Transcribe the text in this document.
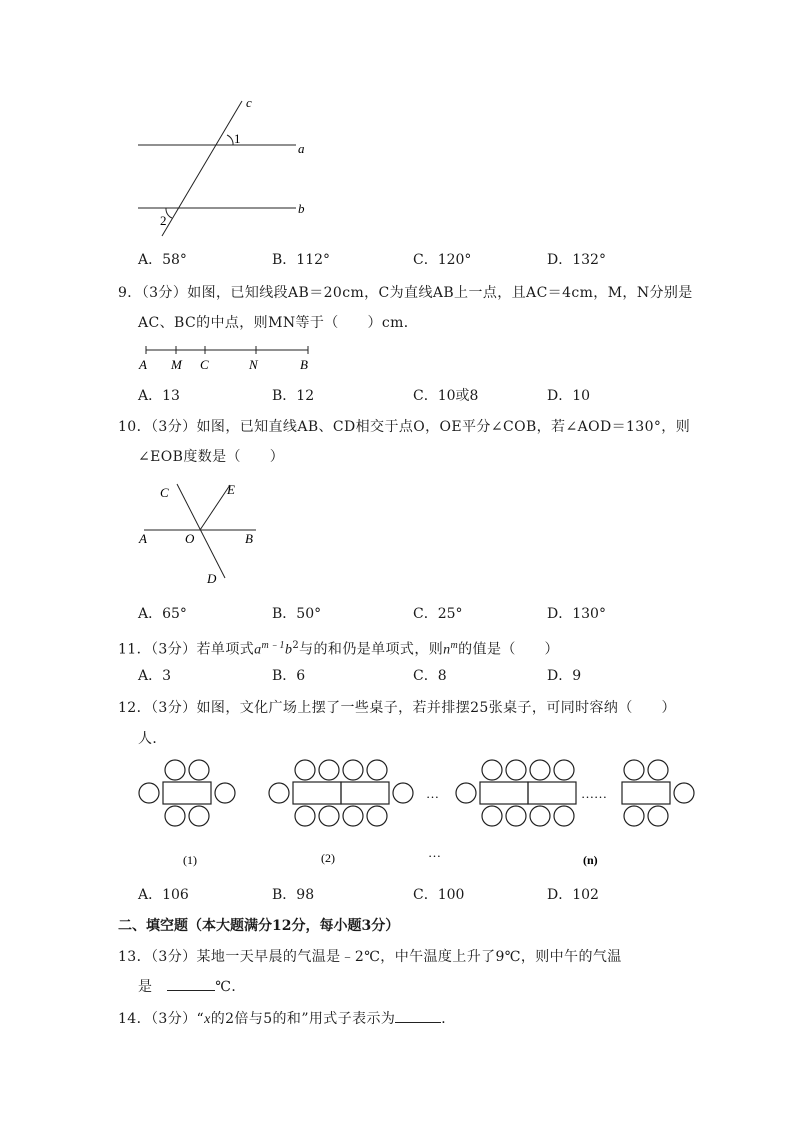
c
1
a
2
b
A．58°	B．112°	C．120°	D．132°
9．（3分）如图，已知线段AB＝20cm，C为直线AB上一点，且AC＝4cm，M，N分别是
AC、BC的中点，则MN等于（　　）cm．
A M C	N	B
A．13	B．12	C．10或8	D．10
10．（3分）如图，已知直线AB、CD相交于点O，OE平分∠COB，若∠AOD＝130°，则
∠EOB度数是（　　）
C	E
A	O	B
D
A．65°	B．50°	C．25°	D．130°
11．（3分）若单项式$a^{m﹣1}b^2$与的和仍是单项式，则$n^m$的值是（　　）
A．3	B．6	C．8	D．9
12．（3分）如图，文化广场上摆了一些桌子，若并排摆25张桌子，可同时容纳（　　）
人．
…	……
(1)	(2)	(n)
…
A．106	B．98	C．100	D．102
二、填空题（本大题满分12分，每小题3分）
13．（3分）某地一天早晨的气温是﹣2℃，中午温度上升了9℃，则中午的气温
是	℃．
14．（3分）“x的2倍与5的和”用式子表示为	．
